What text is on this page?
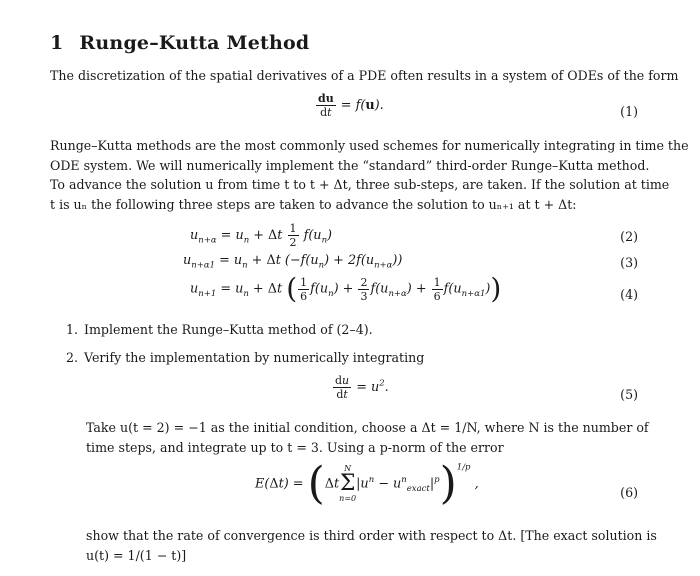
1 Runge–Kutta Method
The discretization of the spatial derivatives of a PDE often results in a system of ODEs of the form
$\frac{du}{dt} = f(u)$.	(1)
Runge–Kutta methods are the most commonly used schemes for numerically integrating in time the
ODE system. We will numerically implement the “standard” third-order Runge–Kutta method.
To advance the solution u from time t to t + Δt, three sub-steps, are taken. If the solution at time
t is uₙ the following three steps are taken to advance the solution to uₙ₊₁ at t + Δt:
$u_{n+\alpha} = u_n + \Delta t \frac{1}{2} f(u_n)$	(2)
$u_{n+\alpha 1} = u_n + \Delta t$ $(-f(u_n) + 2f(u_{n+\alpha}))$	(3)
$u_{n+1} = u_n + \Delta t$ ( $\frac{1}{6} f(u_n) + \frac{2}{3} f(u_{n+\alpha}) + \frac{1}{6} f(u_{n+\alpha 1})$)	(4)
1. Implement the Runge–Kutta method of (2–4).
2. Verify the implementation by numerically integrating
$\frac{du}{dt} = u^2$.	(5)
Take u(t = 2) = −1 as the initial condition, choose a Δt = 1/N, where N is the number of
time steps, and integrate up to t = 3. Using a p-norm of the error
E(Δt) = (Δt
N
Σ
n=0
$|u^n - u^n_{exact}|^p)^{1/p}$ ,
(6)
show that the rate of convergence is third order with respect to Δt. [The exact solution is
u(t) = 1/(1 − t)]
